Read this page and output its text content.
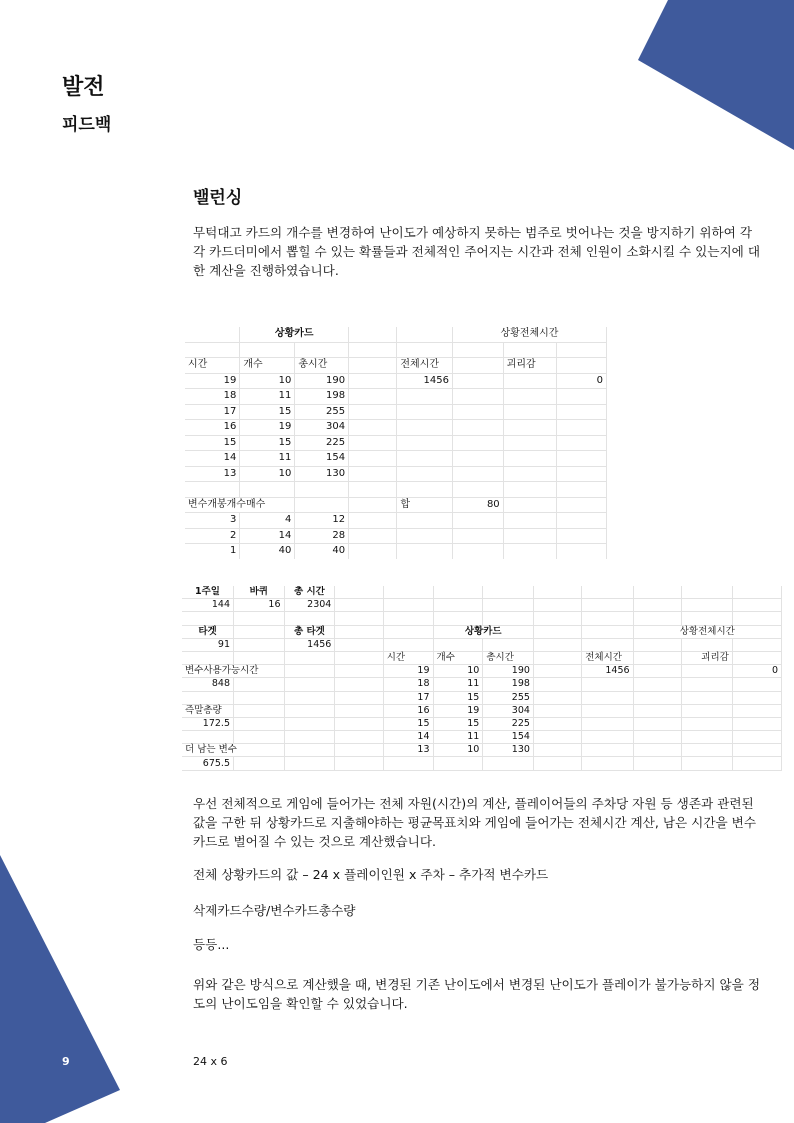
발전
피드백
밸런싱

무턱대고 카드의 개수를 변경하여 난이도가 예상하지 못하는 범주로 벗어나는 것을 방지하기 위하여 각각 카드더미에서 뽑힐 수 있는 확률들과 전체적인 주어지는 시간과 전체 인원이 소화시킬 수 있는지에 대한 계산을 진행하였습니다.

	상황카드				상황전체시간		

시간	개수	총시간		전체시간		괴리감	
19	10	190		1456			0
18	11	198					
17	15	255					
16	19	304					
15	15	225					
14	11	154					
13	10	130					

변수개봉개수매수				합	80		
3	4	12					
2	14	28					
1	40	40					
1주일	바퀴	총 시간									
144	16	2304									

타겟		총 타겟			상황카드				상황전체시간		
91		1456									
				시간	개수	총시간		전체시간		괴리감	
변수사용가능시간				19	10	190		1456			0
848				18	11	198					
				17	15	255					
즉말총량				16	19	304					
172.5				15	15	225					
				14	11	154					
더 남는 변수				13	10	130					
675.5											

우선 전체적으로 게임에 들어가는 전체 자원(시간)의 계산, 플레이어들의 주차당 자원 등 생존과 관련된 값을 구한 뒤 상황카드로 지출해야하는 평균목표치와 게임에 들어가는 전체시간 계산, 남은 시간을 변수카드로 벌어질 수 있는 것으로 계산했습니다.

전체 상황카드의 값 – 24 x 플레이인원 x 주차 – 추가적 변수카드

삭제카드수량/변수카드총수량

등등...

위와 같은 방식으로 계산했을 때, 변경된 기존 난이도에서 변경된 난이도가 플레이가 불가능하지 않을 정도의 난이도임을 확인할 수 있었습니다.

9	24 x 6
